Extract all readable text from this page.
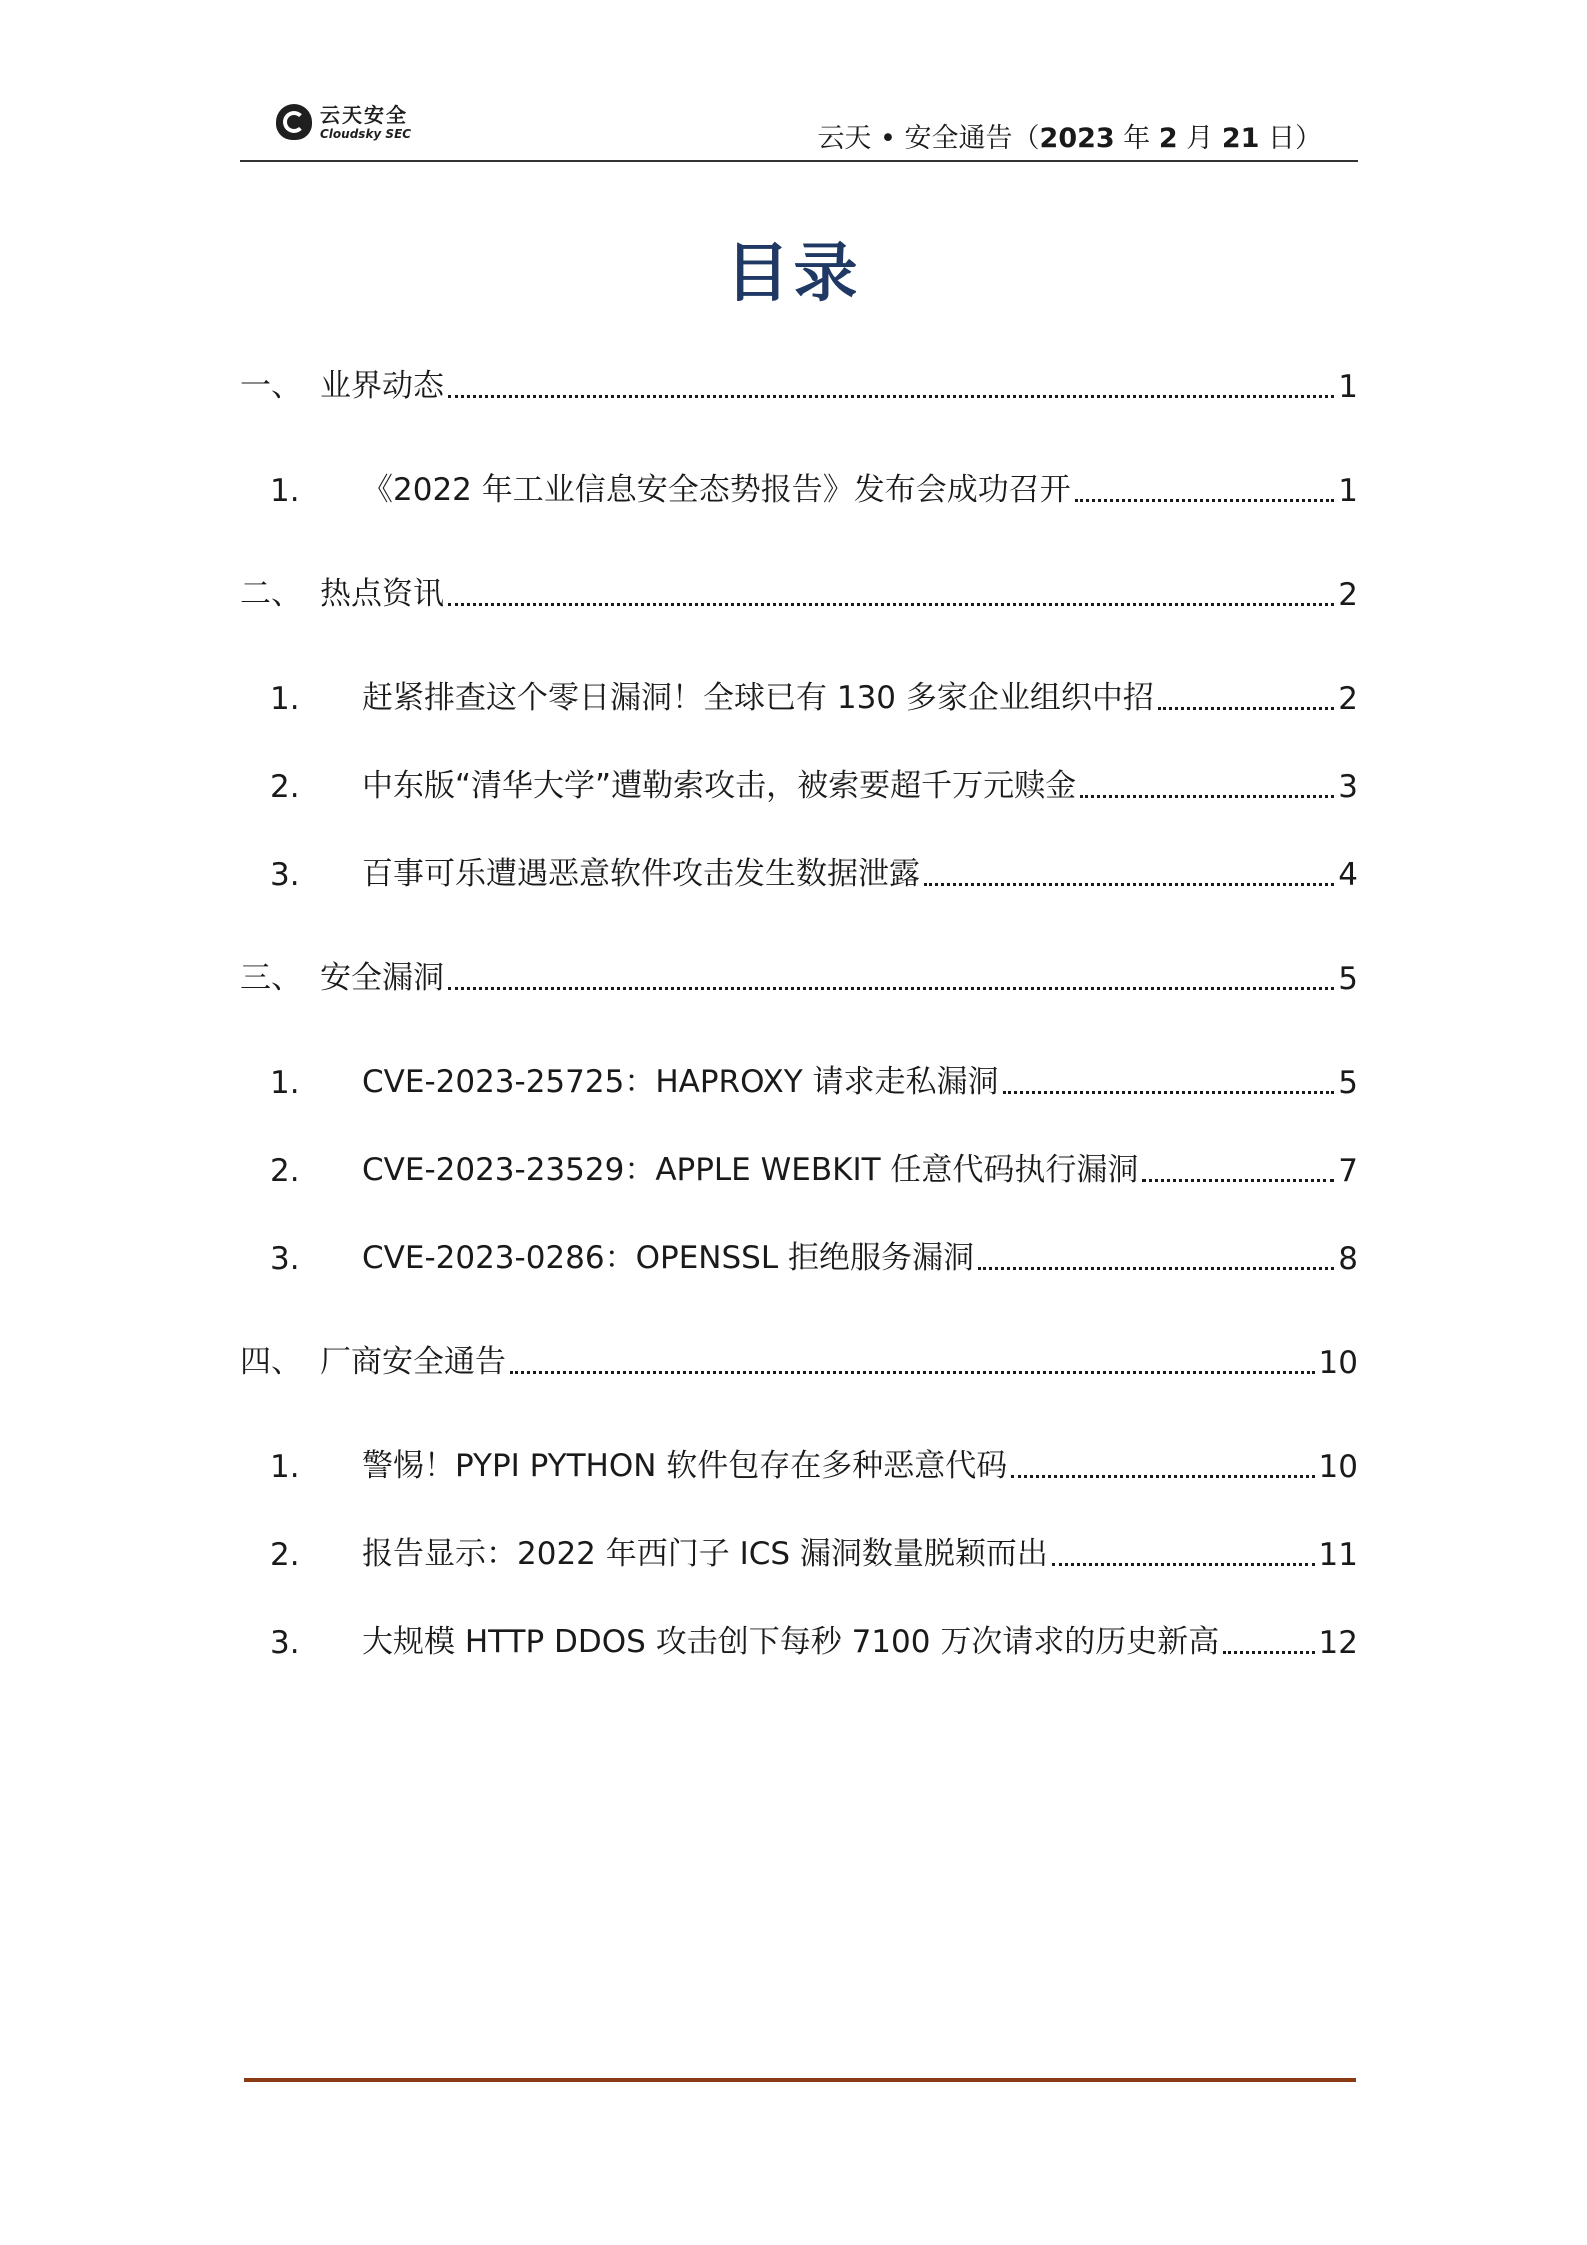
云天安全
Cloudsky SEC	云天 • 安全通告（2023 年 2 月 21 日）
目录
一、 业界动态	1
1.	《2022 年工业信息安全态势报告》发布会成功召开	1
二、 热点资讯	2
1.	赶紧排查这个零日漏洞！全球已有 130 多家企业组织中招	2
2.	中东版“清华大学”遭勒索攻击，被索要超千万元赎金	3
3.	百事可乐遭遇恶意软件攻击发生数据泄露	4
三、 安全漏洞	5
1.	CVE-2023-25725：HAPROXY 请求走私漏洞	5
2.	CVE-2023-23529：APPLE WEBKIT 任意代码执行漏洞	7
3.	CVE-2023-0286：OPENSSL 拒绝服务漏洞	8
四、 厂商安全通告	10
1.	警惕！PYPI PYTHON 软件包存在多种恶意代码	10
2.	报告显示：2022 年西门子 ICS 漏洞数量脱颖而出	11
3.	大规模 HTTP DDOS 攻击创下每秒 7100 万次请求的历史新高	12
